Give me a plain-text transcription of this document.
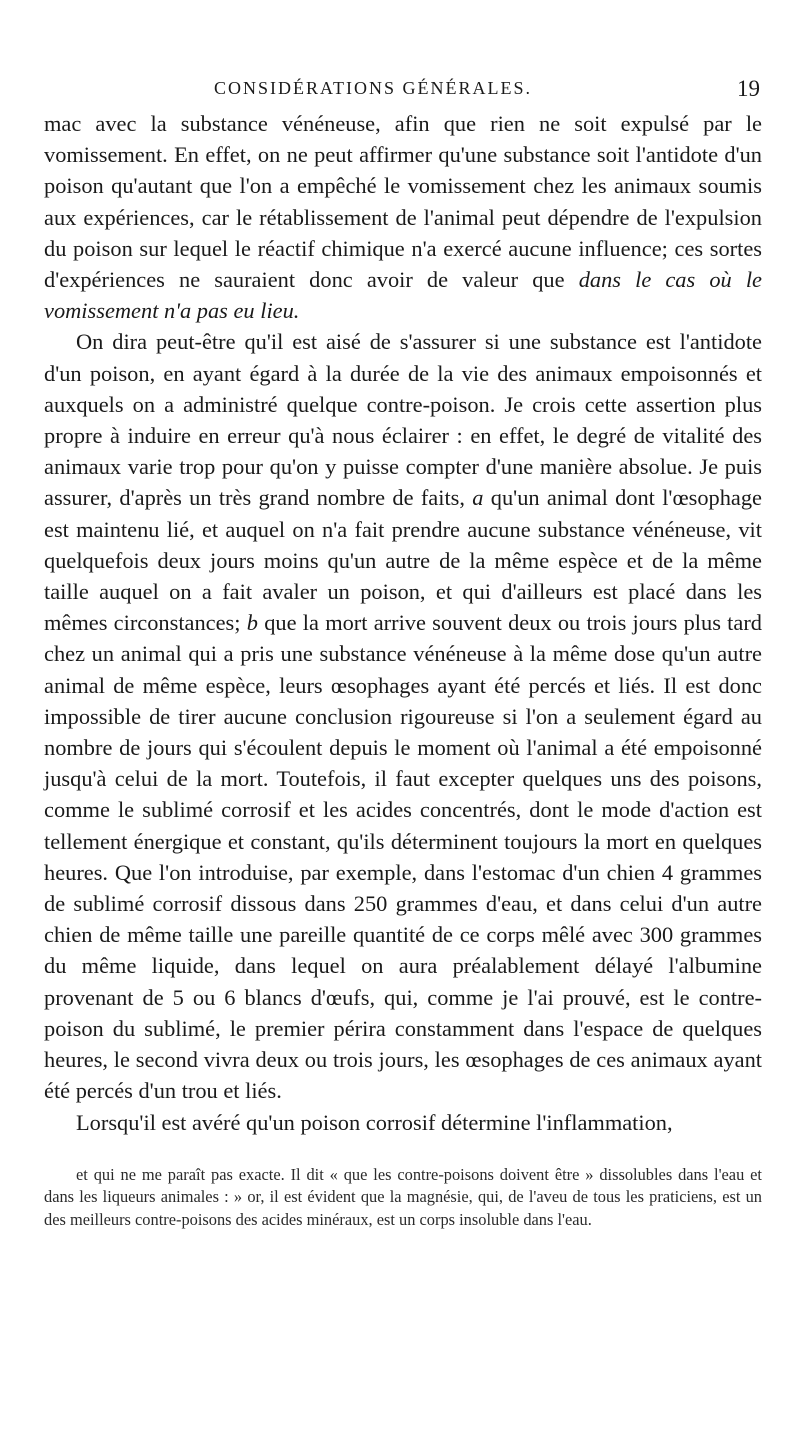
CONSIDÉRATIONS GÉNÉRALES.	19

mac avec la substance vénéneuse, afin que rien ne soit expulsé par le vomissement. En effet, on ne peut affirmer qu'une substance soit l'antidote d'un poison qu'autant que l'on a empêché le vomissement chez les animaux soumis aux expériences, car le rétablissement de l'animal peut dépendre de l'expulsion du poison sur lequel le réactif chimique n'a exercé aucune influence; ces sortes d'expériences ne sauraient donc avoir de valeur que dans le cas où le vomissement n'a pas eu lieu.

On dira peut-être qu'il est aisé de s'assurer si une substance est l'antidote d'un poison, en ayant égard à la durée de la vie des animaux empoisonnés et auxquels on a administré quelque contre-poison. Je crois cette assertion plus propre à induire en erreur qu'à nous éclairer : en effet, le degré de vitalité des animaux varie trop pour qu'on y puisse compter d'une manière absolue. Je puis assurer, d'après un très grand nombre de faits, a qu'un animal dont l'œsophage est maintenu lié, et auquel on n'a fait prendre aucune substance vénéneuse, vit quelquefois deux jours moins qu'un autre de la même espèce et de la même taille auquel on a fait avaler un poison, et qui d'ailleurs est placé dans les mêmes circonstances; b que la mort arrive souvent deux ou trois jours plus tard chez un animal qui a pris une substance vénéneuse à la même dose qu'un autre animal de même espèce, leurs œsophages ayant été percés et liés. Il est donc impossible de tirer aucune conclusion rigoureuse si l'on a seulement égard au nombre de jours qui s'écoulent depuis le moment où l'animal a été empoisonné jusqu'à celui de la mort. Toutefois, il faut excepter quelques uns des poisons, comme le sublimé corrosif et les acides concentrés, dont le mode d'action est tellement énergique et constant, qu'ils déterminent toujours la mort en quelques heures. Que l'on introduise, par exemple, dans l'estomac d'un chien 4 grammes de sublimé corrosif dissous dans 250 grammes d'eau, et dans celui d'un autre chien de même taille une pareille quantité de ce corps mêlé avec 300 grammes du même liquide, dans lequel on aura préalablement délayé l'albumine provenant de 5 ou 6 blancs d'œufs, qui, comme je l'ai prouvé, est le contre-poison du sublimé, le premier périra constamment dans l'espace de quelques heures, le second vivra deux ou trois jours, les œsophages de ces animaux ayant été percés d'un trou et liés.

Lorsqu'il est avéré qu'un poison corrosif détermine l'inflammation,

et qui ne me paraît pas exacte. Il dit « que les contre-poisons doivent être » dissolubles dans l'eau et dans les liqueurs animales : » or, il est évident que la magnésie, qui, de l'aveu de tous les praticiens, est un des meilleurs contre-poisons des acides minéraux, est un corps insoluble dans l'eau.
